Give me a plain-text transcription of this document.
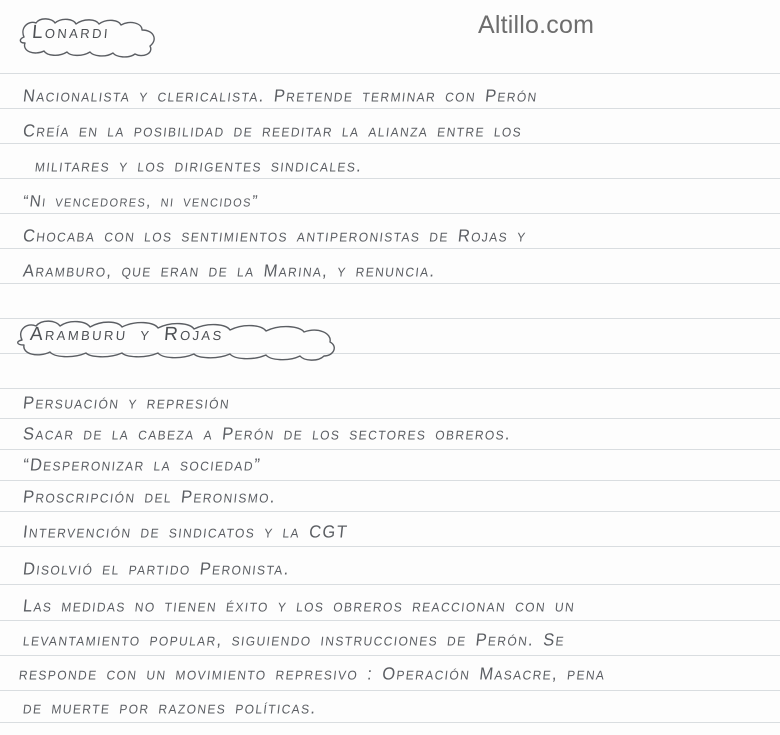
Altillo.com
Lonardi
Nacionalista y clericalista. Pretende terminar con Perón
Creía en la posibilidad de reeditar la alianza entre los
militares y los dirigentes sindicales.
“Ni vencedores, ni vencidos”
Chocaba con los sentimientos antiperonistas de Rojas y
Aramburo, que eran de la Marina, y renuncia.
Aramburu y Rojas
Persuación y represión
Sacar de la cabeza a Perón de los sectores obreros.
“Desperonizar la sociedad”
Proscripción del Peronismo.
Intervención de sindicatos y la CGT
Disolvió el partido Peronista.
Las medidas no tienen éxito y los obreros reaccionan con un
levantamiento popular, siguiendo instrucciones de Perón. Se
responde con un movimiento represivo : Operación Masacre, pena
de muerte por razones políticas.
